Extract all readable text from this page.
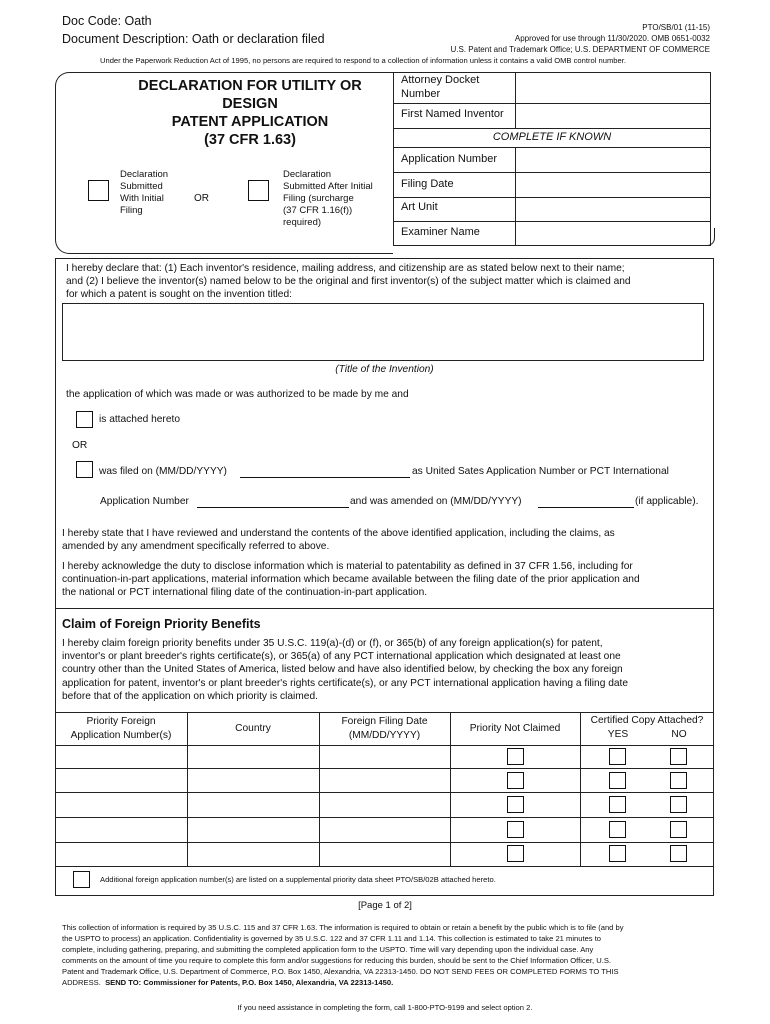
Doc Code: Oath
Document Description: Oath or declaration filed
PTO/SB/01 (11-15)
Approved for use through 11/30/2020. OMB 0651-0032
U.S. Patent and Trademark Office; U.S. DEPARTMENT OF COMMERCE
Under the Paperwork Reduction Act of 1995, no persons are required to respond to a collection of information unless it contains a valid OMB control number.
DECLARATION FOR UTILITY OR
DESIGN
PATENT APPLICATION
(37 CFR 1.63)
Declaration
Submitted
With Initial
Filing
OR
Declaration
Submitted After Initial
Filing (surcharge
(37 CFR 1.16(f))
required)
Attorney Docket
Number
First Named Inventor
COMPLETE IF KNOWN
Application Number
Filing Date
Art Unit
Examiner Name
I hereby declare that: (1) Each inventor's residence, mailing address, and citizenship are as stated below next to their name;
and (2) I believe the inventor(s) named below to be the original and first inventor(s) of the subject matter which is claimed and
for which a patent is sought on the invention titled:
(Title of the Invention)
the application of which was made or was authorized to be made by me and
is attached hereto
OR
was filed on (MM/DD/YYYY)	as United Sates Application Number or PCT International
Application Number	and was amended on (MM/DD/YYYY)	(if applicable).
I hereby state that I have reviewed and understand the contents of the above identified application, including the claims, as
amended by any amendment specifically referred to above.
I hereby acknowledge the duty to disclose information which is material to patentability as defined in 37 CFR 1.56, including for
continuation-in-part applications, material information which became available between the filing date of the prior application and
the national or PCT international filing date of the continuation-in-part application.
Claim of Foreign Priority Benefits
I hereby claim foreign priority benefits under 35 U.S.C. 119(a)-(d) or (f), or 365(b) of any foreign application(s) for patent,
inventor's or plant breeder's rights certificate(s), or 365(a) of any PCT international application which designated at least one
country other than the United States of America, listed below and have also identified below, by checking the box any foreign
application for patent, inventor's or plant breeder's rights certificate(s), or any PCT international application having a filing date
before that of the application on which priority is claimed.
Priority Foreign
Application Number(s)
Country
Foreign Filing Date
(MM/DD/YYYY)
Priority Not Claimed
Certified Copy Attached?
YES	NO
Additional foreign application number(s) are listed on a supplemental priority data sheet PTO/SB/02B attached hereto.
[Page 1 of 2]
This collection of information is required by 35 U.S.C. 115 and 37 CFR 1.63. The information is required to obtain or retain a benefit by the public which is to file (and by
the USPTO to process) an application. Confidentiality is governed by 35 U.S.C. 122 and 37 CFR 1.11 and 1.14. This collection is estimated to take 21 minutes to
complete, including gathering, preparing, and submitting the completed application form to the USPTO. Time will vary depending upon the individual case. Any
comments on the amount of time you require to complete this form and/or suggestions for reducing this burden, should be sent to the Chief Information Officer, U.S.
Patent and Trademark Office, U.S. Department of Commerce, P.O. Box 1450, Alexandria, VA 22313-1450. DO NOT SEND FEES OR COMPLETED FORMS TO THIS
ADDRESS. SEND TO: Commissioner for Patents, P.O. Box 1450, Alexandria, VA 22313-1450.
If you need assistance in completing the form, call 1-800-PTO-9199 and select option 2.
